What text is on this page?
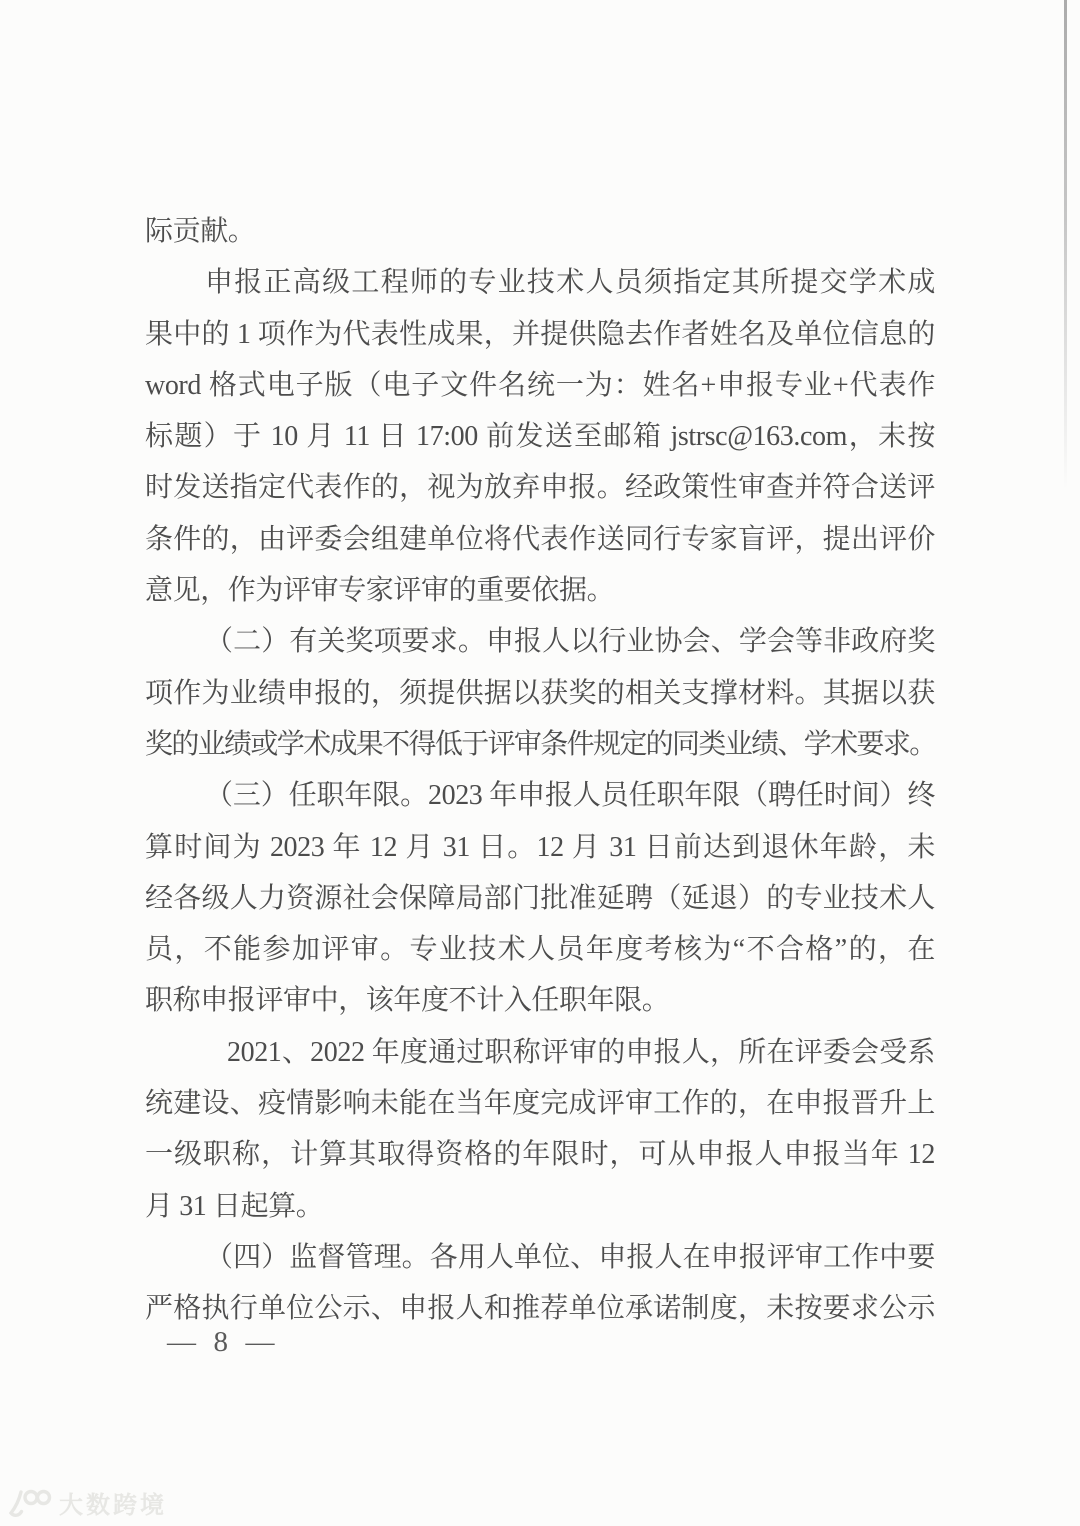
际贡献。
申报正高级工程师的专业技术人员须指定其所提交学术成
果中的 1 项作为代表性成果，并提供隐去作者姓名及单位信息的
word 格式电子版（电子文件名统一为：姓名+申报专业+代表作
标题）于 10 月 11 日 17:00 前发送至邮箱 jstrsc@163.com，未按
时发送指定代表作的，视为放弃申报。经政策性审查并符合送评
条件的，由评委会组建单位将代表作送同行专家盲评，提出评价
意见，作为评审专家评审的重要依据。
（二）有关奖项要求。申报人以行业协会、学会等非政府奖
项作为业绩申报的，须提供据以获奖的相关支撑材料。其据以获
奖的业绩或学术成果不得低于评审条件规定的同类业绩、学术要求。
（三）任职年限。2023 年申报人员任职年限（聘任时间）终
算时间为 2023 年 12 月 31 日。12 月 31 日前达到退休年龄，未
经各级人力资源社会保障局部门批准延聘（延退）的专业技术人
员，不能参加评审。专业技术人员年度考核为“不合格”的，在
职称申报评审中，该年度不计入任职年限。
2021、2022 年度通过职称评审的申报人，所在评委会受系
统建设、疫情影响未能在当年度完成评审工作的，在申报晋升上
一级职称，计算其取得资格的年限时，可从申报人申报当年 12
月 31 日起算。
（四）监督管理。各用人单位、申报人在申报评审工作中要
严格执行单位公示、申报人和推荐单位承诺制度，未按要求公示
—  8  —
大数跨境
